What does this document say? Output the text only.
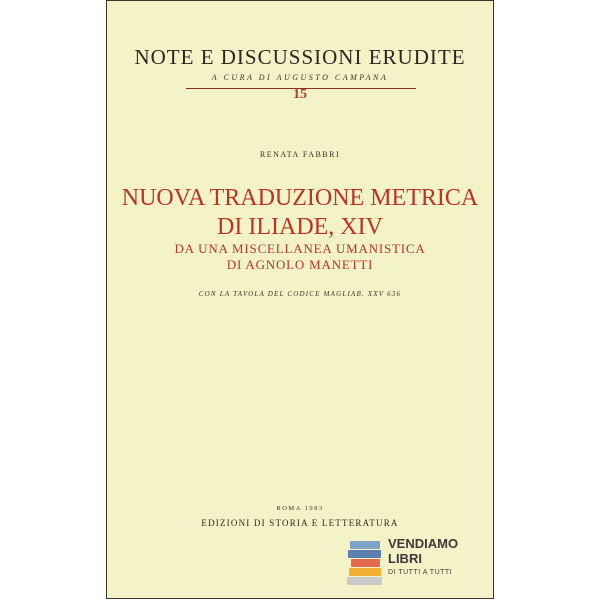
NOTE E DISCUSSIONI ERUDITE
A CURA DI AUGUSTO CAMPANA
15
RENATA FABBRI
NUOVA TRADUZIONE METRICA
DI ILIADE, XIV
DA UNA MISCELLANEA UMANISTICA
DI AGNOLO MANETTI
CON LA TAVOLA DEL CODICE MAGLIAB. XXV 636
ROMA 1983
EDIZIONI DI STORIA E LETTERATURA
VENDIAMO
LIBRI
DI TUTTI A TUTTI
